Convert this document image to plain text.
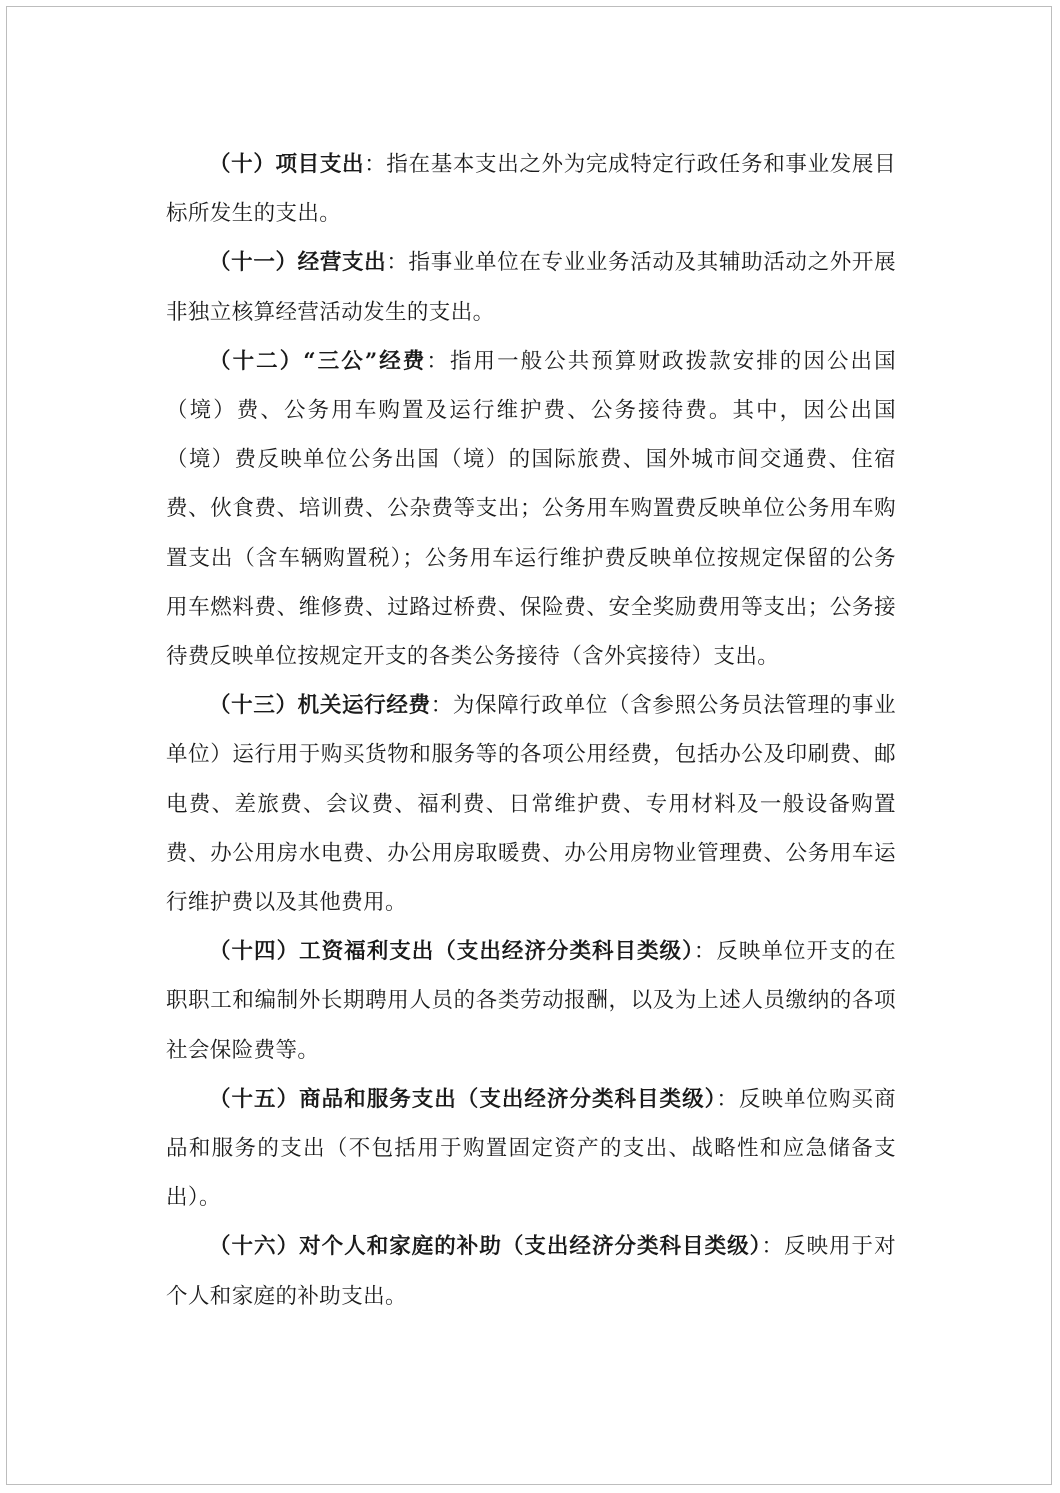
（十）项目支出：指在基本支出之外为完成特定行政任务和事业发展目标所发生的支出。

（十一）经营支出：指事业单位在专业业务活动及其辅助活动之外开展非独立核算经营活动发生的支出。

（十二）“三公”经费：指用一般公共预算财政拨款安排的因公出国（境）费、公务用车购置及运行维护费、公务接待费。其中，因公出国（境）费反映单位公务出国（境）的国际旅费、国外城市间交通费、住宿费、伙食费、培训费、公杂费等支出；公务用车购置费反映单位公务用车购置支出（含车辆购置税）；公务用车运行维护费反映单位按规定保留的公务用车燃料费、维修费、过路过桥费、保险费、安全奖励费用等支出；公务接待费反映单位按规定开支的各类公务接待（含外宾接待）支出。

（十三）机关运行经费：为保障行政单位（含参照公务员法管理的事业单位）运行用于购买货物和服务等的各项公用经费，包括办公及印刷费、邮电费、差旅费、会议费、福利费、日常维护费、专用材料及一般设备购置费、办公用房水电费、办公用房取暖费、办公用房物业管理费、公务用车运行维护费以及其他费用。

（十四）工资福利支出（支出经济分类科目类级）：反映单位开支的在职职工和编制外长期聘用人员的各类劳动报酬，以及为上述人员缴纳的各项社会保险费等。

（十五）商品和服务支出（支出经济分类科目类级）：反映单位购买商品和服务的支出（不包括用于购置固定资产的支出、战略性和应急储备支出）。

（十六）对个人和家庭的补助（支出经济分类科目类级）：反映用于对个人和家庭的补助支出。
